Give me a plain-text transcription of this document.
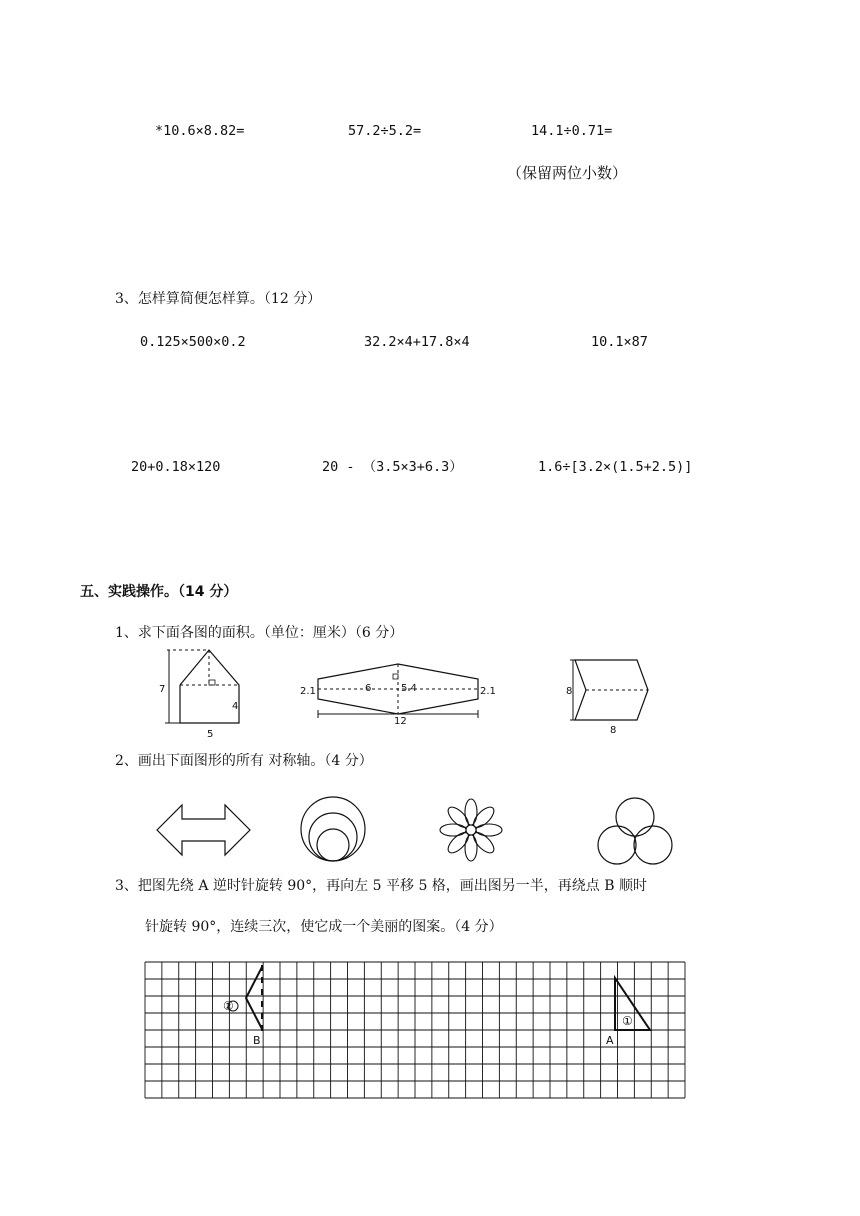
*10.6×8.82=	57.2÷5.2=	14.1÷0.71=
（保留两位小数）
3、怎样算简便怎样算。（12 分）
0.125×500×0.2	32.2×4+17.8×4	10.1×87
20+0.18×120	20 - （3.5×3+6.3）	1.6÷[3.2×(1.5+2.5)]
五、实践操作。（14 分）
1、求下面各图的面积。（单位：厘米）（6 分）
7
4
5
2.1	6	5.4	2.1
12
8
8
2、画出下面图形的所有 对称轴。（4 分）
3、把图先绕 A 逆时针旋转 90°，再向左 5 平移 5 格，画出图另一半，再绕点 B 顺时
针旋转 90°，连续三次，使它成一个美丽的图案。（4 分）
②
B
①
A
